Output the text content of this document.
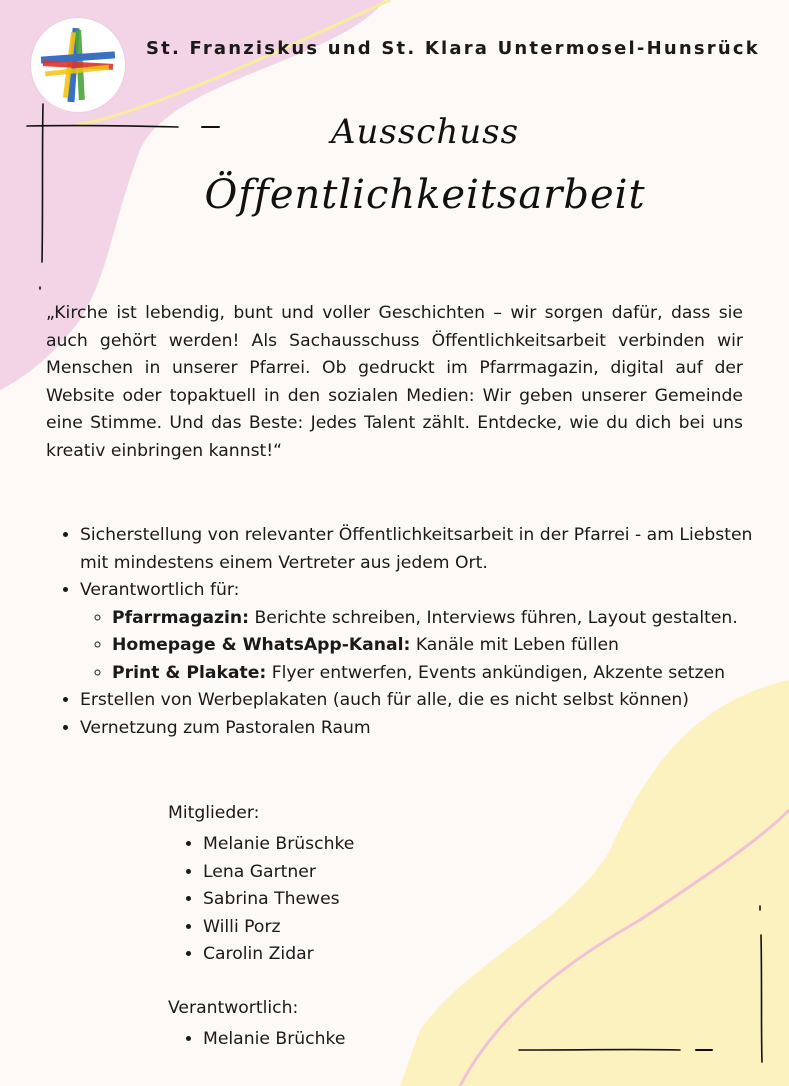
St. Franziskus und St. Klara Untermosel-Hunsrück
Ausschuss
Öffentlichkeitsarbeit

„Kirche ist lebendig, bunt und voller Geschichten – wir sorgen dafür, dass sie auch gehört werden! Als Sachausschuss Öffentlichkeitsarbeit verbinden wir Menschen in unserer Pfarrei. Ob gedruckt im Pfarrmagazin, digital auf der Website oder topaktuell in den sozialen Medien: Wir geben unserer Gemeinde eine Stimme. Und das Beste: Jedes Talent zählt. Entdecke, wie du dich bei uns kreativ einbringen kannst!“

• Sicherstellung von relevanter Öffentlichkeitsarbeit in der Pfarrei - am Liebsten mit mindestens einem Vertreter aus jedem Ort.
• Verantwortlich für:
◦ Pfarrmagazin: Berichte schreiben, Interviews führen, Layout gestalten.
◦ Homepage & WhatsApp-Kanal: Kanäle mit Leben füllen
◦ Print & Plakate: Flyer entwerfen, Events ankündigen, Akzente setzen
• Erstellen von Werbeplakaten (auch für alle, die es nicht selbst können)
• Vernetzung zum Pastoralen Raum
Mitglieder:
• Melanie Brüschke
• Lena Gartner
• Sabrina Thewes
• Willi Porz
• Carolin Zidar
Verantwortlich:
• Melanie Brüchke
